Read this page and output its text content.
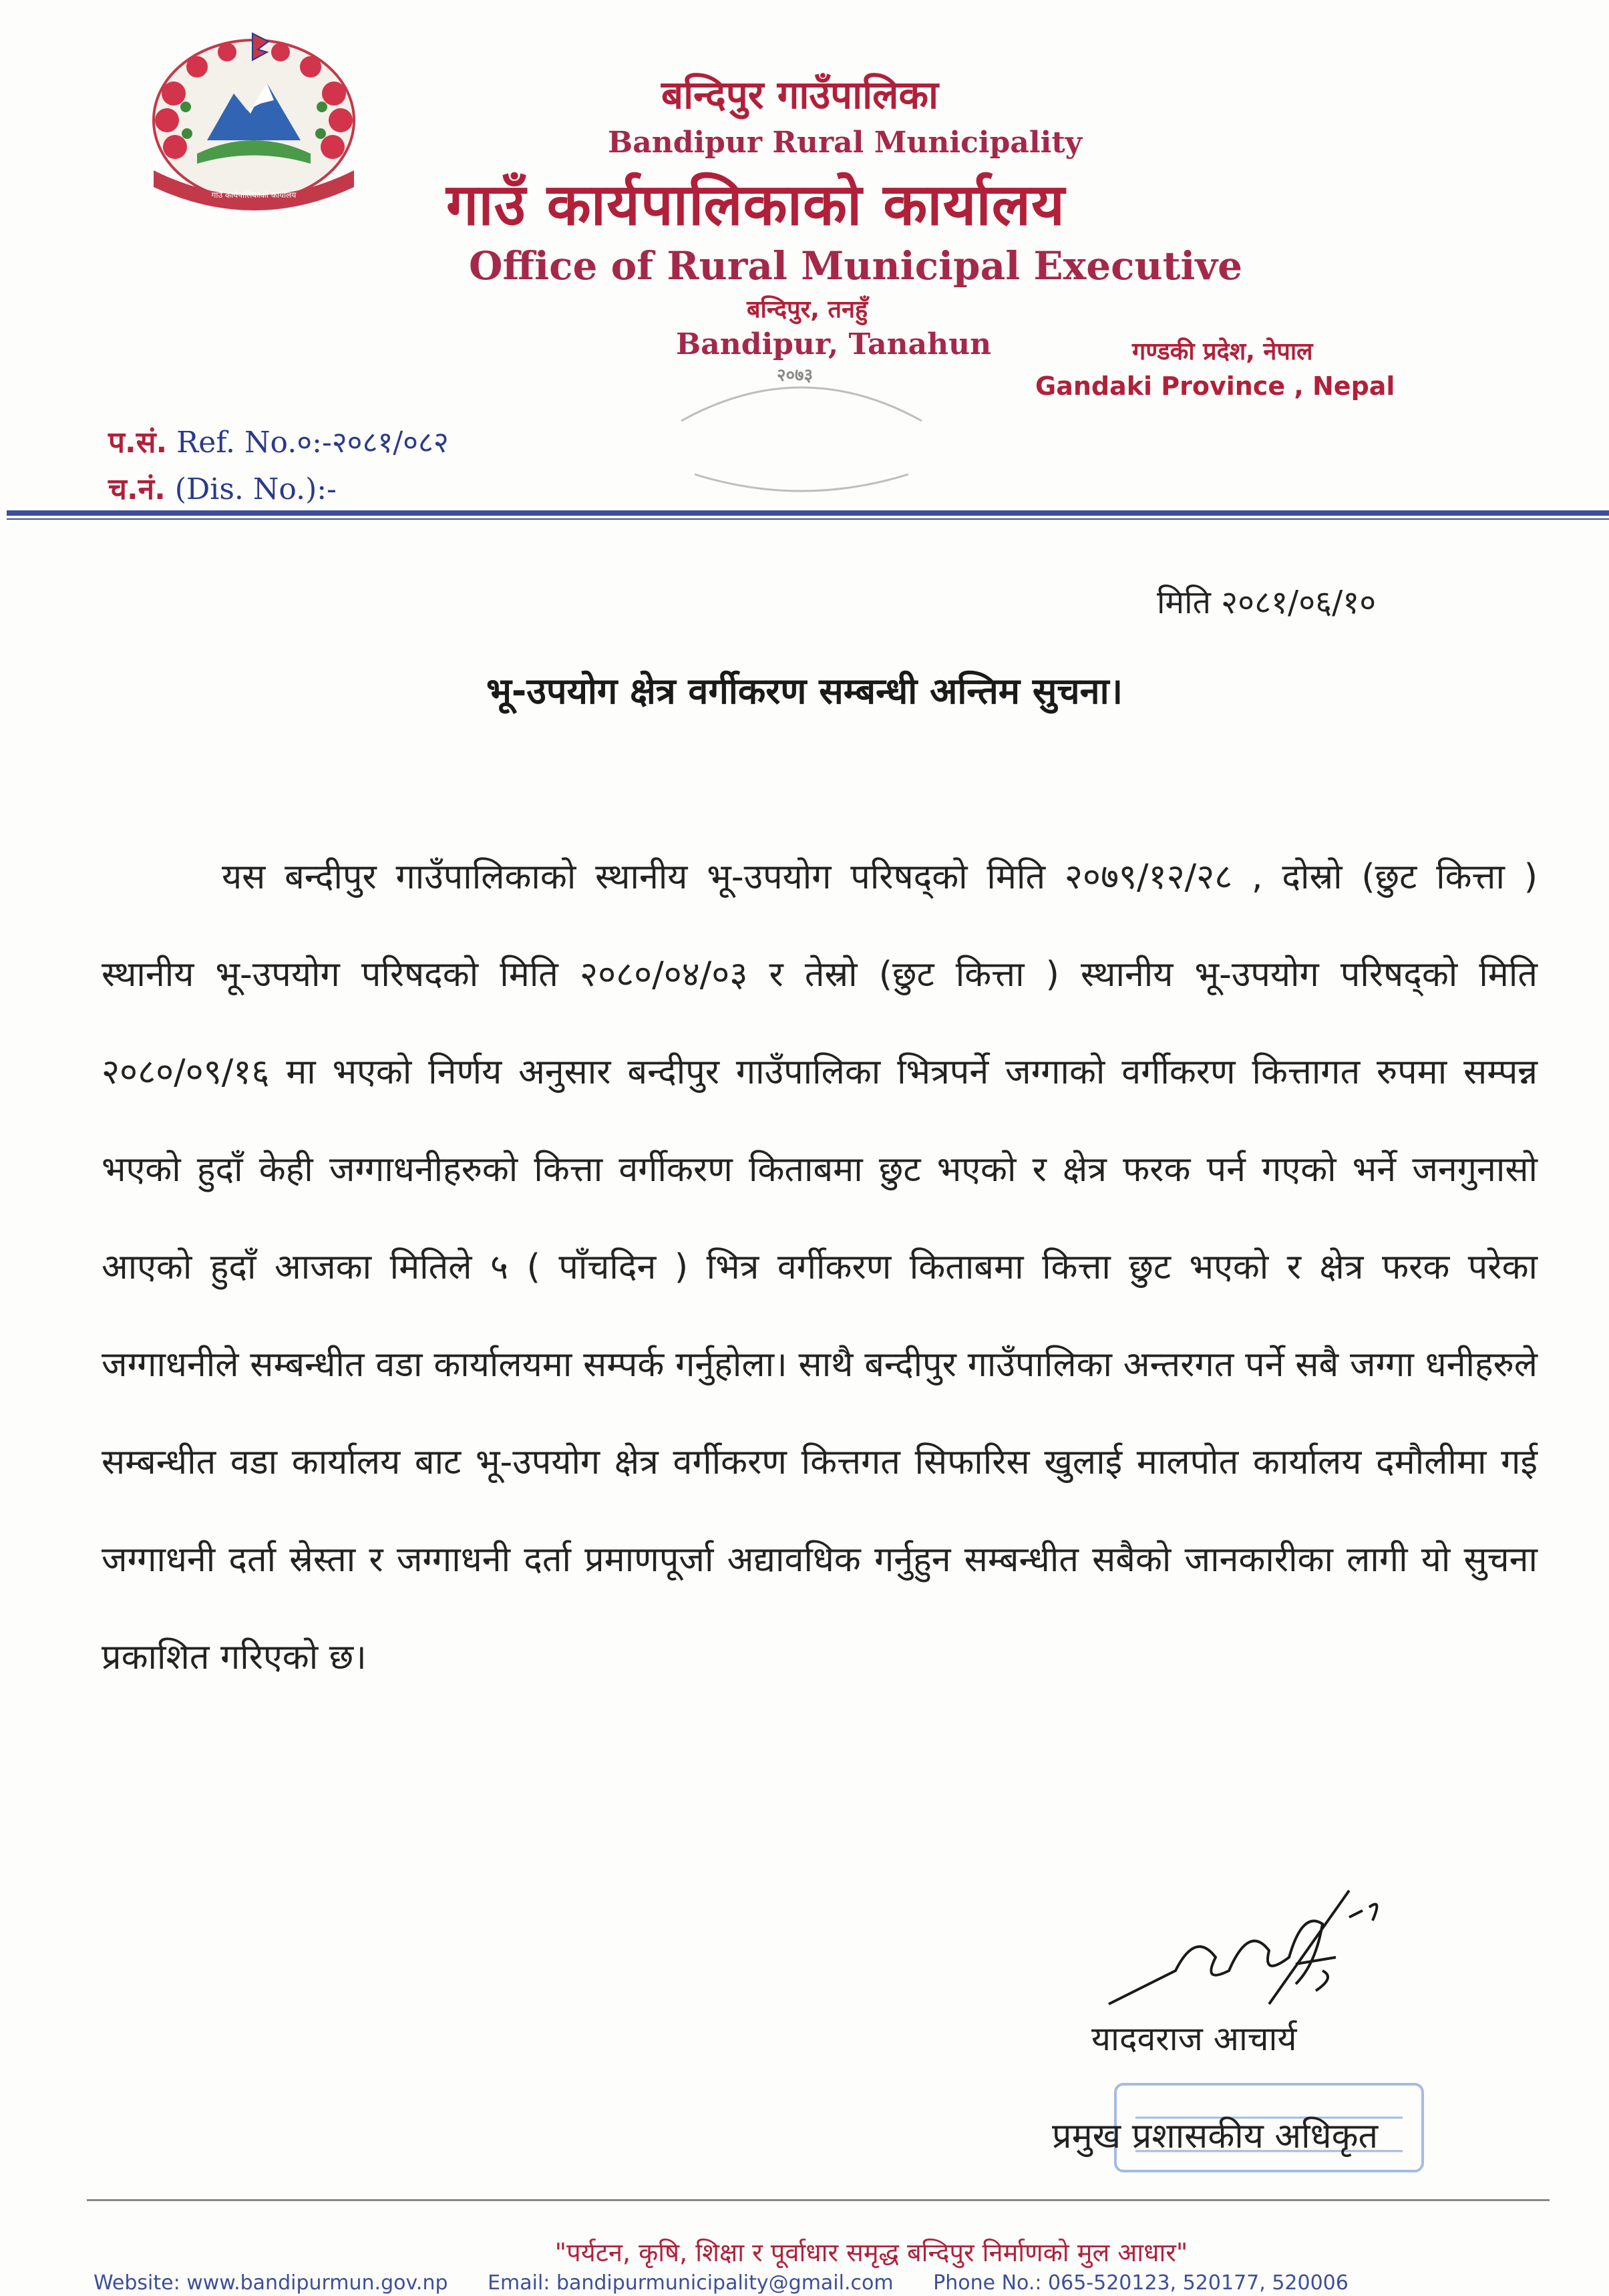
गाउँ कार्यपालिकाको कार्यालय
बन्दिपुर गाउँपालिका
Bandipur Rural Municipality
गाउँ कार्यपालिकाको कार्यालय
Office of Rural Municipal Executive
बन्दिपुर, तनहुँ
Bandipur, Tanahun	गण्डकी प्रदेश, नेपाल
Gandaki Province , Nepal
२०७३
प.सं. Ref. No.०:-२०८१/०८२
च.नं. (Dis. No.):-
मिति २०८१/०६/१०
भू-उपयोग क्षेत्र वर्गीकरण सम्बन्धी अन्तिम सुचना।
यस बन्दीपुर गाउँपालिकाको स्थानीय भू-उपयोग परिषद्को मिति २०७९/१२/२८ , दोस्रो (छुट कित्ता ) स्थानीय भू-उपयोग परिषदको मिति २०८०/०४/०३ र तेस्रो (छुट कित्ता ) स्थानीय भू-उपयोग परिषद्को मिति २०८०/०९/१६ मा भएको निर्णय अनुसार बन्दीपुर गाउँपालिका भित्रपर्ने जग्गाको वर्गीकरण कित्तागत रुपमा सम्पन्न भएको हुदाँ केही जग्गाधनीहरुको कित्ता वर्गीकरण किताबमा छुट भएको र क्षेत्र फरक पर्न गएको भर्ने जनगुनासो आएको हुदाँ आजका मितिले ५ ( पाँचदिन ) भित्र वर्गीकरण किताबमा कित्ता छुट भएको र क्षेत्र फरक परेका जग्गाधनीले सम्बन्धीत वडा कार्यालयमा सम्पर्क गर्नुहोला। साथै बन्दीपुर गाउँपालिका अन्तरगत पर्ने सबै जग्गा धनीहरुले सम्बन्धीत वडा कार्यालय बाट भू-उपयोग क्षेत्र वर्गीकरण कित्तगत सिफारिस खुलाई मालपोत कार्यालय दमौलीमा गई जग्गाधनी दर्ता स्रेस्ता र जग्गाधनी दर्ता प्रमाणपूर्जा अद्यावधिक गर्नुहुन सम्बन्धीत सबैको जानकारीका लागी यो सुचना प्रकाशित गरिएको छ।
यादवराज आचार्य
प्रमुख प्रशासकीय अधिकृत
"पर्यटन, कृषि, शिक्षा र पूर्वाधार समृद्ध बन्दिपुर निर्माणको मुल आधार"
Website: www.bandipurmun.gov.np Email: bandipurmunicipality@gmail.com Phone No.: 065-520123, 520177, 520006
